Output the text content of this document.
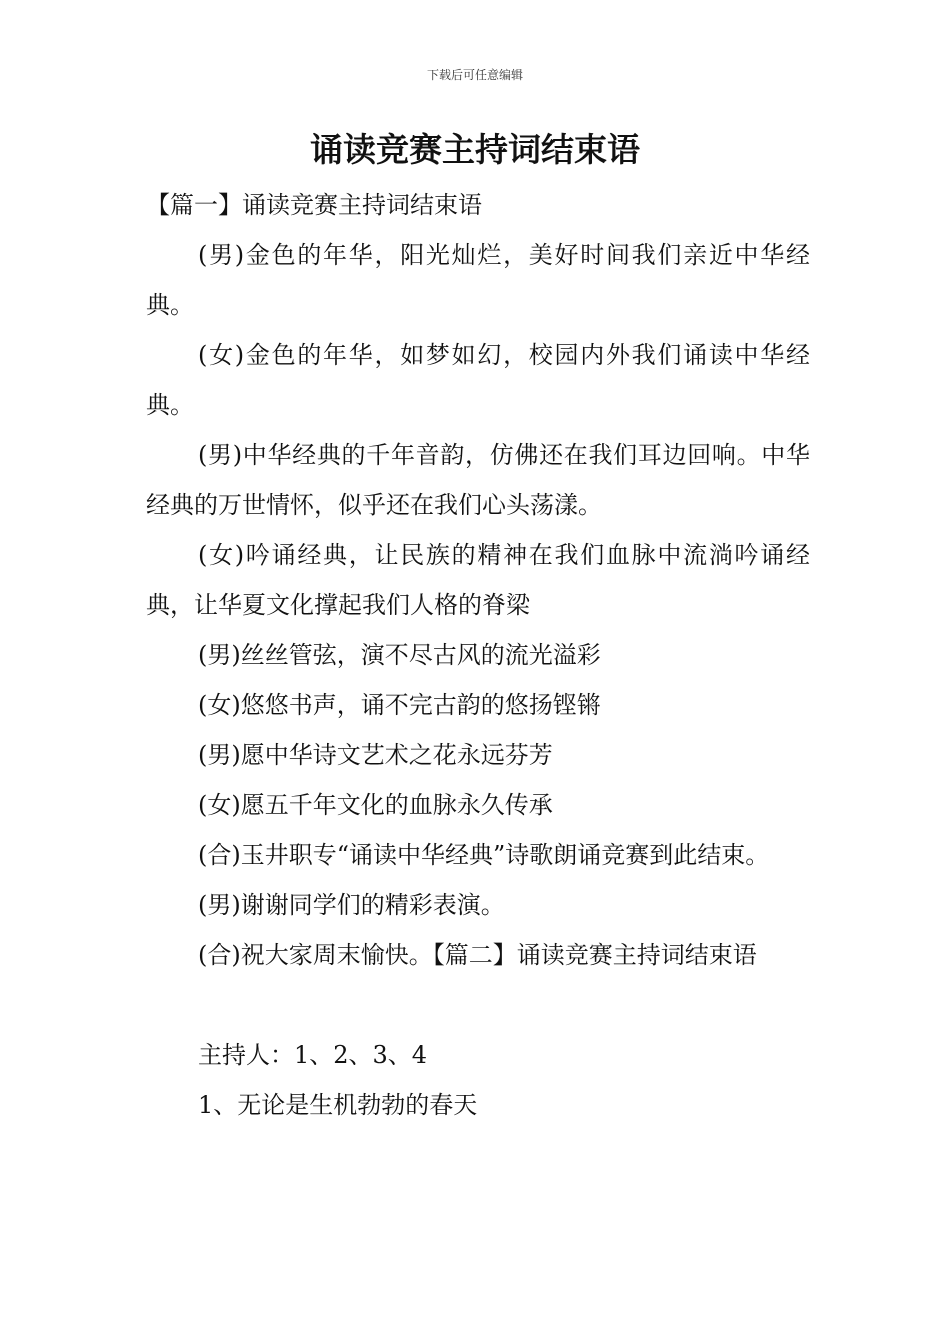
下载后可任意编辑
诵读竞赛主持词结束语

【篇一】诵读竞赛主持词结束语

(男)金色的年华，阳光灿烂，美好时间我们亲近中华经典。

(女)金色的年华，如梦如幻，校园内外我们诵读中华经典。

(男)中华经典的千年音韵，仿佛还在我们耳边回响。中华经典的万世情怀，似乎还在我们心头荡漾。

(女)吟诵经典，让民族的精神在我们血脉中流淌吟诵经典，让华夏文化撑起我们人格的脊梁

(男)丝丝管弦，演不尽古风的流光溢彩

(女)悠悠书声，诵不完古韵的悠扬铿锵

(男)愿中华诗文艺术之花永远芬芳

(女)愿五千年文化的血脉永久传承

(合)玉井职专“诵读中华经典”诗歌朗诵竞赛到此结束。

(男)谢谢同学们的精彩表演。

(合)祝大家周末愉快。【篇二】诵读竞赛主持词结束语

主持人：1、2、3、4

1、无论是生机勃勃的春天
